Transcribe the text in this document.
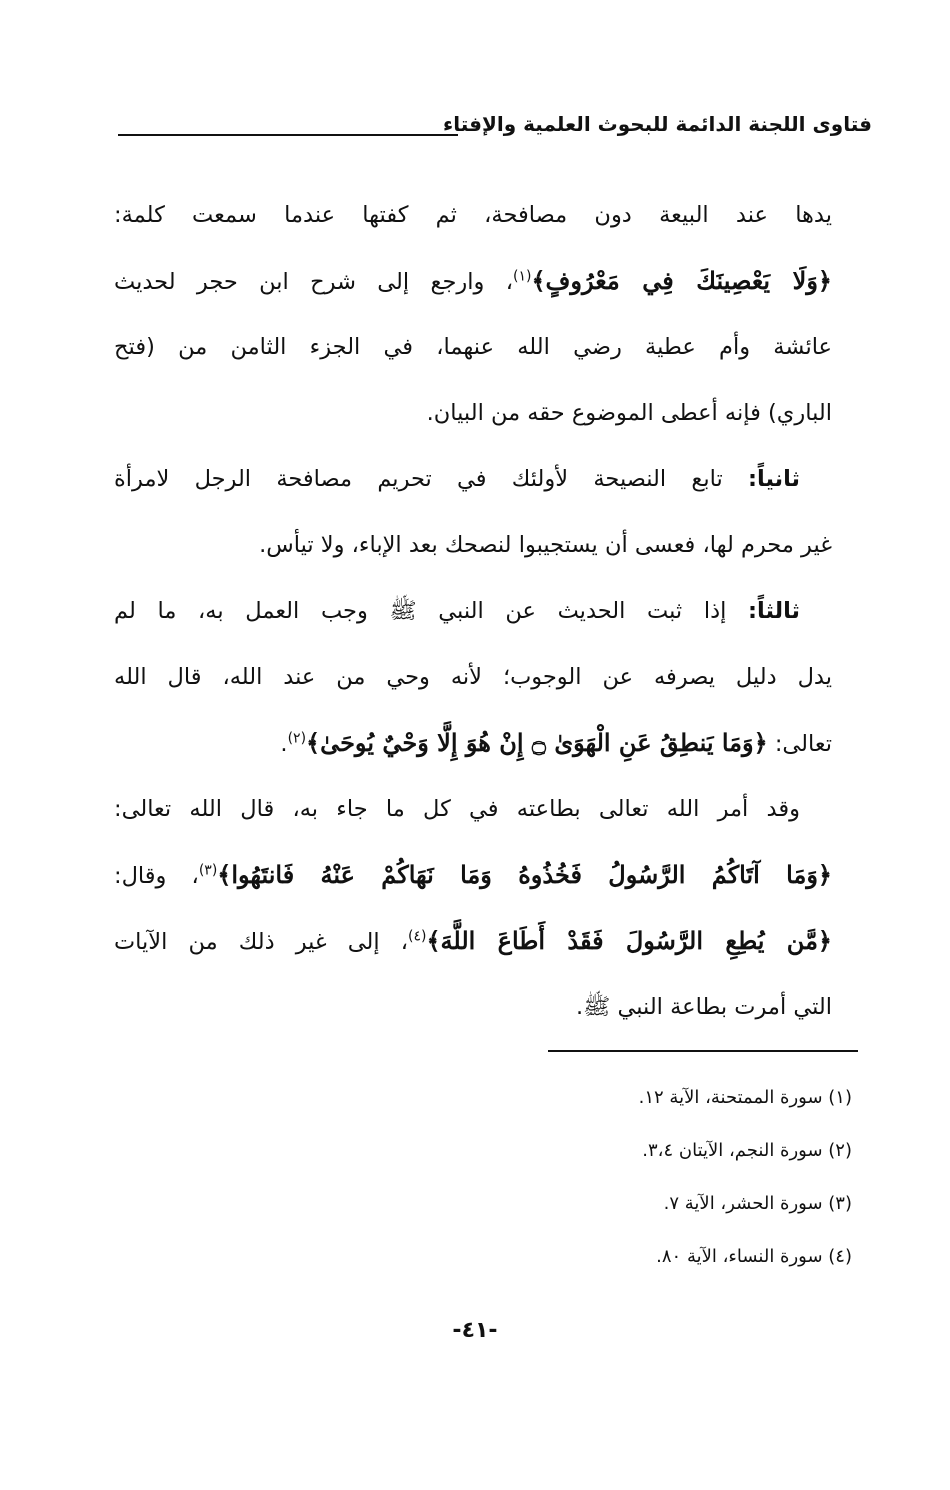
فتاوى اللجنة الدائمة للبحوث العلمية والإفتاء
يدها عند البيعة دون مصافحة، ثم كفتها عندما سمعت كلمة:
﴿وَلَا يَعْصِينَكَ فِي مَعْرُوفٍ﴾$^{(١)}$، وارجع إلى شرح ابن حجر لحديث
عائشة وأم عطية رضي الله عنهما، في الجزء الثامن من (فتح
الباري) فإنه أعطى الموضوع حقه من البيان.
ثانياً: تابع النصيحة لأولئك في تحريم مصافحة الرجل لامرأة
غير محرم لها، فعسى أن يستجيبوا لنصحك بعد الإباء، ولا تيأس.
ثالثاً: إذا ثبت الحديث عن النبي ﷺ وجب العمل به، ما لم
يدل دليل يصرفه عن الوجوب؛ لأنه وحي من عند الله، قال الله
تعالى: ﴿وَمَا يَنطِقُ عَنِ الْهَوَىٰ ۝ إِنْ هُوَ إِلَّا وَحْيٌ يُوحَىٰ﴾$^{(٢)}$.
وقد أمر الله تعالى بطاعته في كل ما جاء به، قال الله تعالى:
﴿وَمَا آتَاكُمُ الرَّسُولُ فَخُذُوهُ وَمَا نَهَاكُمْ عَنْهُ فَانتَهُوا﴾$^{(٣)}$، وقال:
﴿مَّن يُطِعِ الرَّسُولَ فَقَدْ أَطَاعَ اللَّهَ﴾$^{(٤)}$، إلى غير ذلك من الآيات
التي أمرت بطاعة النبي ﷺ.
(١) سورة الممتحنة، الآية ١٢.
(٢) سورة النجم، الآيتان ٣،٤.
(٣) سورة الحشر، الآية ٧.
(٤) سورة النساء، الآية ٨٠.
-٤١-
